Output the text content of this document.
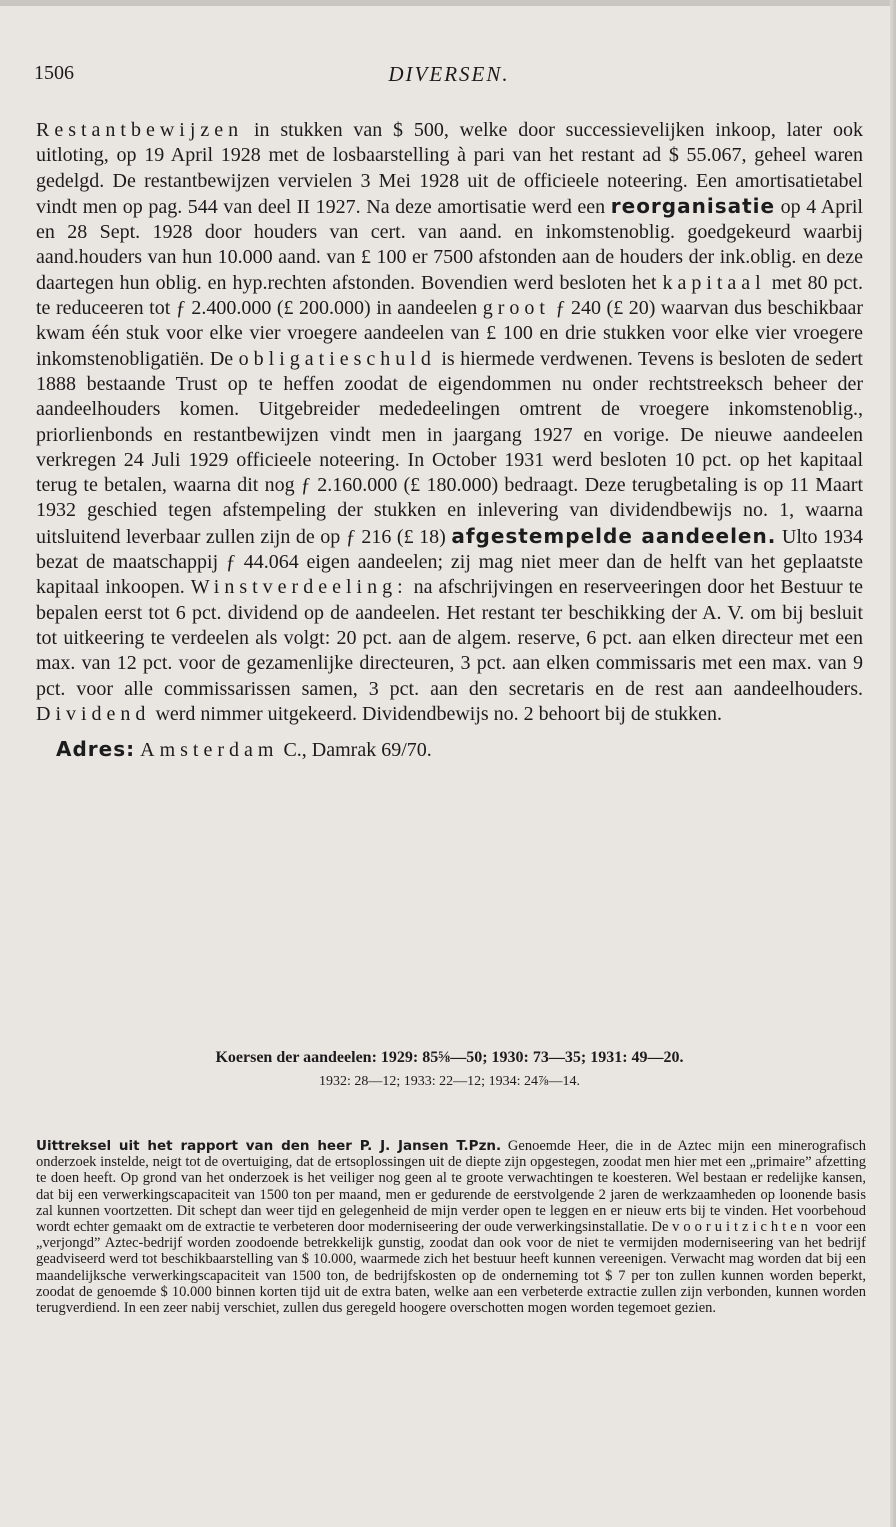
1506	DIVERSEN.

Restantbewijzen in stukken van $ 500, welke door successievelijken inkoop, later ook uitloting, op 19 April 1928 met de losbaarstelling à pari van het restant ad $ 55.067, geheel waren gedelgd. De restantbewijzen vervielen 3 Mei 1928 uit de officieele noteering. Een amortisatietabel vindt men op pag. 544 van deel II 1927. Na deze amortisatie werd een reorganisatie op 4 April en 28 Sept. 1928 door houders van cert. van aand. en inkomstenoblig. goedgekeurd waarbij aand.houders van hun 10.000 aand. van £ 100 er 7500 afstonden aan de houders der ink.oblig. en deze daartegen hun oblig. en hyp.rechten afstonden. Bovendien werd besloten het kapitaal met 80 pct. te reduceeren tot ƒ 2.400.000 (£ 200.000) in aandeelen groot ƒ 240 (£ 20) waarvan dus beschikbaar kwam één stuk voor elke vier vroegere aandeelen van £ 100 en drie stukken voor elke vier vroegere inkomstenobligatiën. De obligatieschuld is hiermede verdwenen. Tevens is besloten de sedert 1888 bestaande Trust op te heffen zoodat de eigendommen nu onder rechtstreeksch beheer der aandeelhouders komen. Uitgebreider mededeelingen omtrent de vroegere inkomstenoblig., priorlienbonds en restantbewijzen vindt men in jaargang 1927 en vorige. De nieuwe aandeelen verkregen 24 Juli 1929 officieele noteering. In October 1931 werd besloten 10 pct. op het kapitaal terug te betalen, waarna dit nog ƒ 2.160.000 (£ 180.000) bedraagt. Deze terugbetaling is op 11 Maart 1932 geschied tegen afstempeling der stukken en inlevering van dividendbewijs no. 1, waarna uitsluitend leverbaar zullen zijn de op ƒ 216 (£ 18) afgestempelde aandeelen. Ulto 1934 bezat de maatschappij ƒ 44.064 eigen aandeelen; zij mag niet meer dan de helft van het geplaatste kapitaal inkoopen. Winstverdeeling: na afschrijvingen en reserveeringen door het Bestuur te bepalen eerst tot 6 pct. dividend op de aandeelen. Het restant ter beschikking der A. V. om bij besluit tot uitkeering te verdeelen als volgt: 20 pct. aan de algem. reserve, 6 pct. aan elken directeur met een max. van 12 pct. voor de gezamenlijke directeuren, 3 pct. aan elken commissaris met een max. van 9 pct. voor alle commissarissen samen, 3 pct. aan den secretaris en de rest aan aandeelhouders. Dividend werd nimmer uitgekeerd. Dividendbewijs no. 2 behoort bij de stukken.

Adres: Amsterdam C., Damrak 69/70.

Koersen der aandeelen: 1929: 85⅝—50; 1930: 73—35; 1931: 49—20.
1932: 28—12; 1933: 22—12; 1934: 24⅞—14.
Uittreksel uit het rapport van den heer P. J. Jansen T.Pzn. Genoemde Heer, die in de Aztec mijn een minerografisch onderzoek instelde, neigt tot de overtuiging, dat de ertsoplossingen uit de diepte zijn opgestegen, zoodat men hier met een „primaire” afzetting te doen heeft. Op grond van het onderzoek is het veiliger nog geen al te groote verwachtingen te koesteren. Wel bestaan er redelijke kansen, dat bij een verwerkingscapaciteit van 1500 ton per maand, men er gedurende de eerstvolgende 2 jaren de werkzaamheden op loonende basis zal kunnen voortzetten. Dit schept dan weer tijd en gelegenheid de mijn verder open te leggen en er nieuw erts bij te vinden. Het voorbehoud wordt echter gemaakt om de extractie te verbeteren door moderniseering der oude verwerkingsinstallatie. De vooruitzichten voor een „verjongd” Aztec-bedrijf worden zoodoende betrekkelijk gunstig, zoodat dan ook voor de niet te vermijden moderniseering van het bedrijf geadviseerd werd tot beschikbaarstelling van $ 10.000, waarmede zich het bestuur heeft kunnen vereenigen. Verwacht mag worden dat bij een maandelijksche verwerkingscapaciteit van 1500 ton, de bedrijfskosten op de onderneming tot $ 7 per ton zullen kunnen worden beperkt, zoodat de genoemde $ 10.000 binnen korten tijd uit de extra baten, welke aan een verbeterde extractie zullen zijn verbonden, kunnen worden terugverdiend. In een zeer nabij verschiet, zullen dus geregeld hoogere overschotten mogen worden tegemoet gezien.
